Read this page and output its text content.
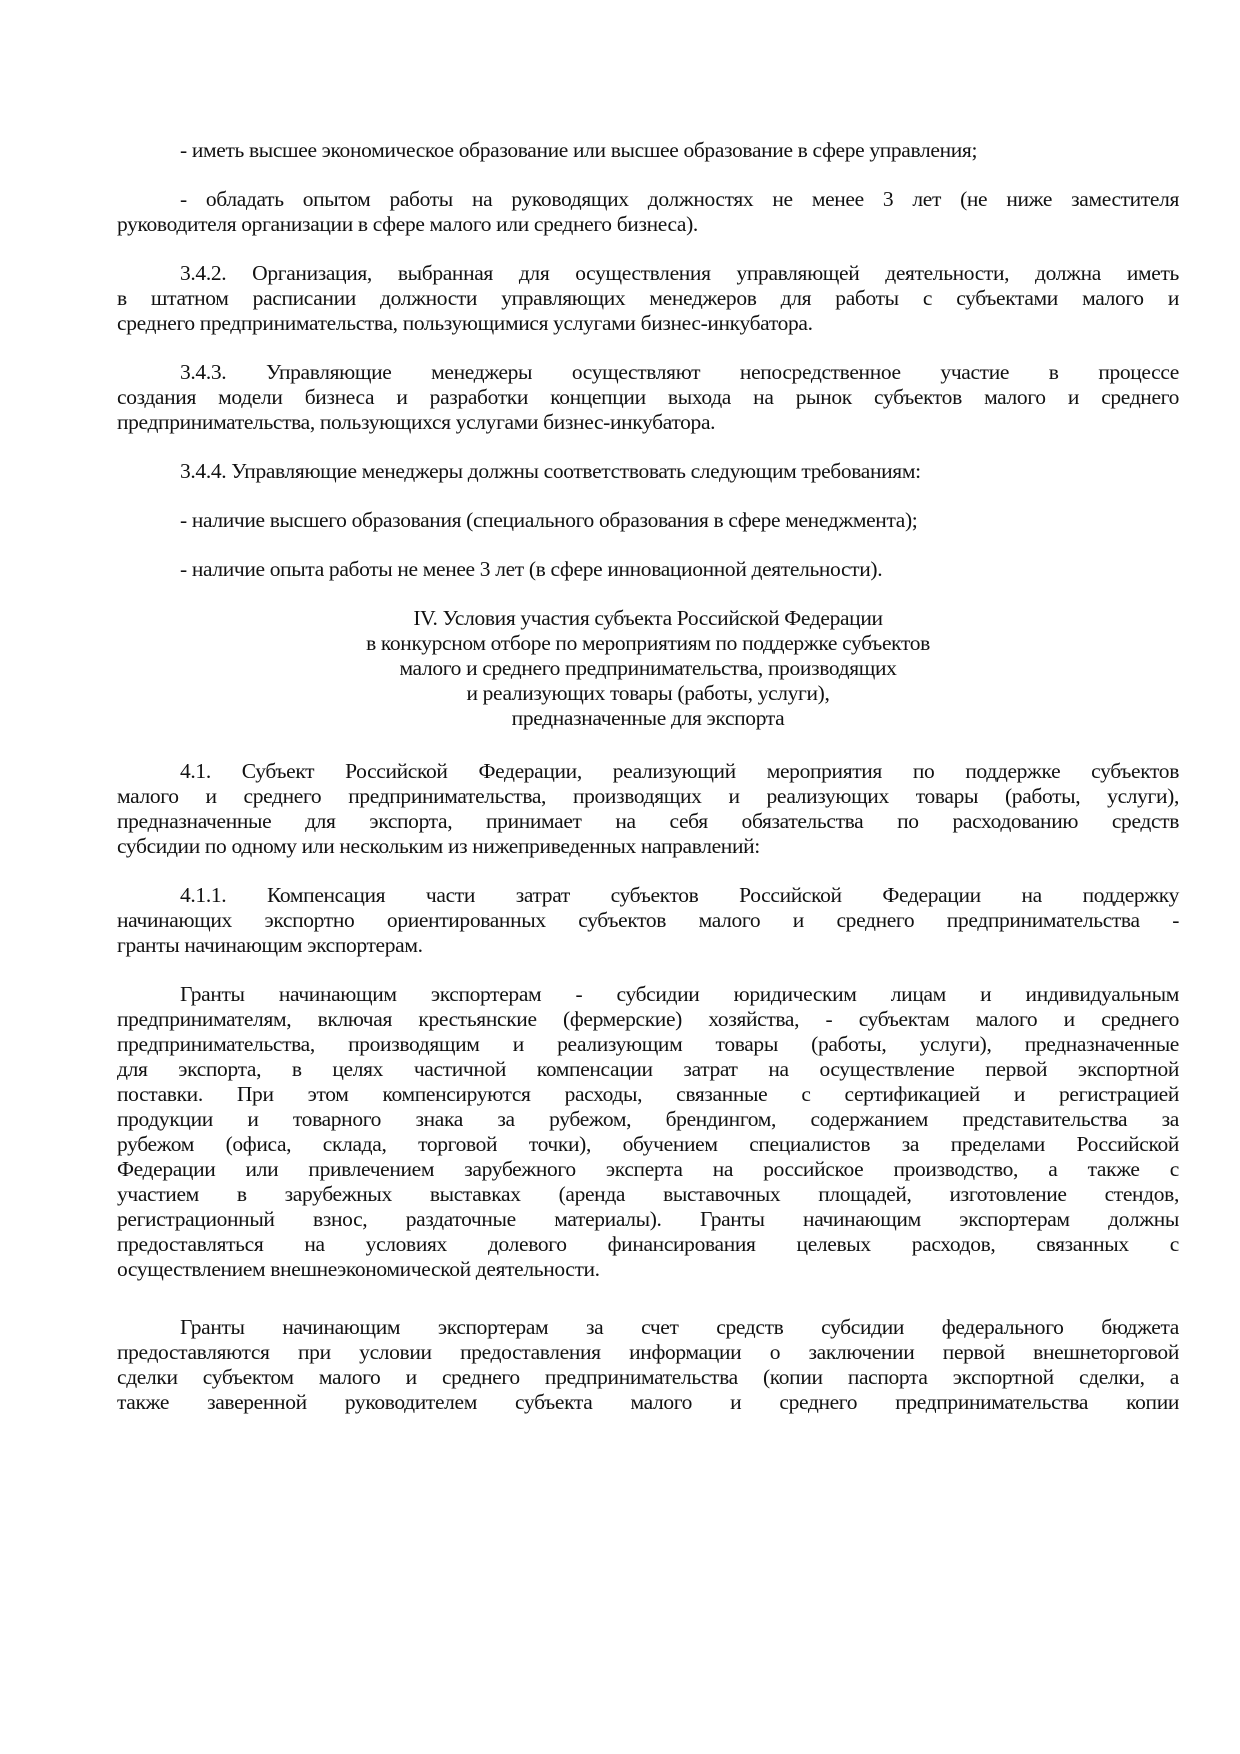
- иметь высшее экономическое образование или высшее образование в сфере управления;
- обладать опытом работы на руководящих должностях не менее 3 лет (не ниже заместителя
руководителя организации в сфере малого или среднего бизнеса).
3.4.2. Организация, выбранная для осуществления управляющей деятельности, должна иметь
в штатном расписании должности управляющих менеджеров для работы с субъектами малого и
среднего предпринимательства, пользующимися услугами бизнес-инкубатора.
3.4.3. Управляющие менеджеры осуществляют непосредственное участие в процессе
создания модели бизнеса и разработки концепции выхода на рынок субъектов малого и среднего
предпринимательства, пользующихся услугами бизнес-инкубатора.
3.4.4. Управляющие менеджеры должны соответствовать следующим требованиям:
- наличие высшего образования (специального образования в сфере менеджмента);
- наличие опыта работы не менее 3 лет (в сфере инновационной деятельности).
IV. Условия участия субъекта Российской Федерации
в конкурсном отборе по мероприятиям по поддержке субъектов
малого и среднего предпринимательства, производящих
и реализующих товары (работы, услуги),
предназначенные для экспорта
4.1. Субъект Российской Федерации, реализующий мероприятия по поддержке субъектов
малого и среднего предпринимательства, производящих и реализующих товары (работы, услуги),
предназначенные для экспорта, принимает на себя обязательства по расходованию средств
субсидии по одному или нескольким из нижеприведенных направлений:
4.1.1. Компенсация части затрат субъектов Российской Федерации на поддержку
начинающих экспортно ориентированных субъектов малого и среднего предпринимательства -
гранты начинающим экспортерам.
Гранты начинающим экспортерам - субсидии юридическим лицам и индивидуальным
предпринимателям, включая крестьянские (фермерские) хозяйства, - субъектам малого и среднего
предпринимательства, производящим и реализующим товары (работы, услуги), предназначенные
для экспорта, в целях частичной компенсации затрат на осуществление первой экспортной
поставки. При этом компенсируются расходы, связанные с сертификацией и регистрацией
продукции и товарного знака за рубежом, брендингом, содержанием представительства за
рубежом (офиса, склада, торговой точки), обучением специалистов за пределами Российской
Федерации или привлечением зарубежного эксперта на российское производство, а также с
участием в зарубежных выставках (аренда выставочных площадей, изготовление стендов,
регистрационный взнос, раздаточные материалы). Гранты начинающим экспортерам должны
предоставляться на условиях долевого финансирования целевых расходов, связанных с
осуществлением внешнеэкономической деятельности.
Гранты начинающим экспортерам за счет средств субсидии федерального бюджета
предоставляются при условии предоставления информации о заключении первой внешнеторговой
сделки субъектом малого и среднего предпринимательства (копии паспорта экспортной сделки, а
также заверенной руководителем субъекта малого и среднего предпринимательства копии
